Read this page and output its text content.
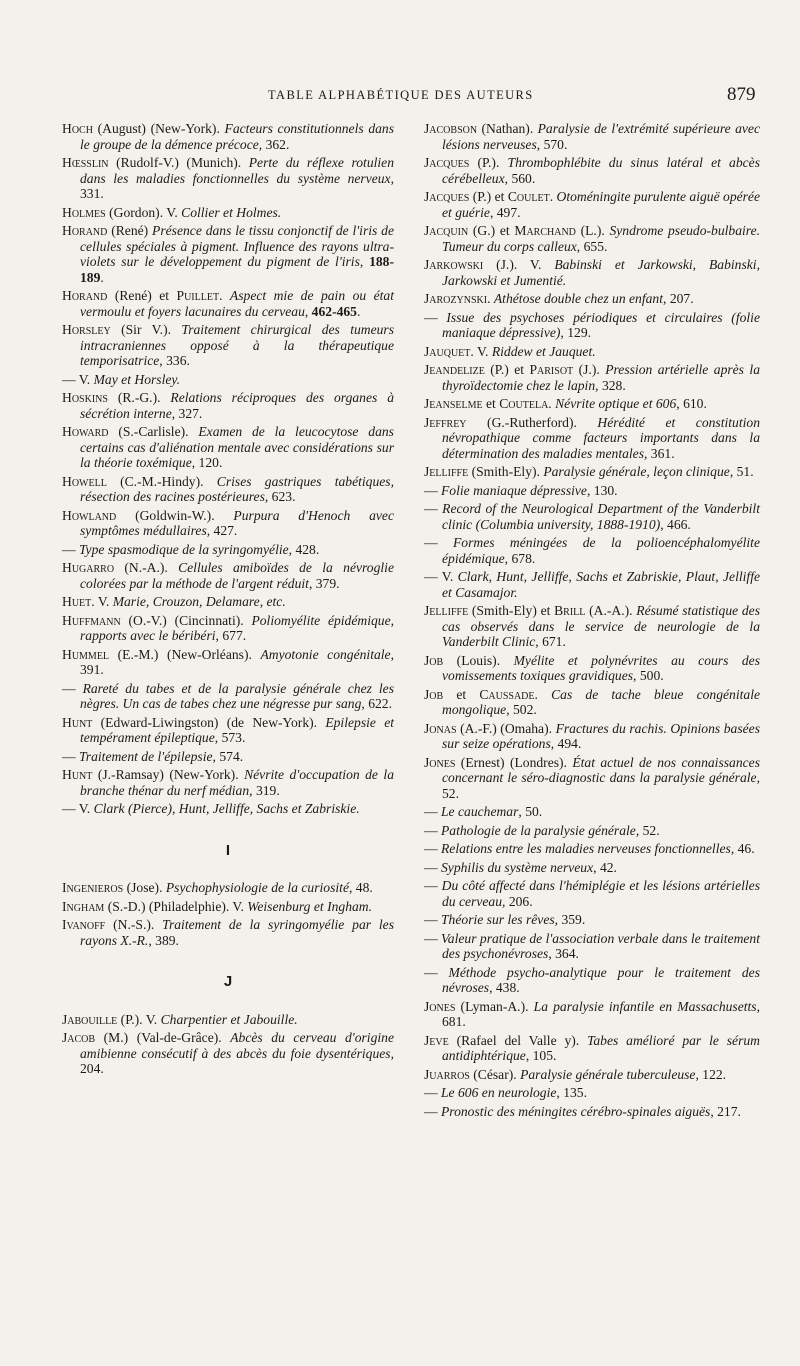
TABLE ALPHABÉTIQUE DES AUTEURS	879
Hoch (August) (New-York). Facteurs constitutionnels dans le groupe de la démence précoce, 362.
Hœsslin (Rudolf-V.) (Munich). Perte du réflexe rotulien dans les maladies fonctionnelles du système nerveux, 331.
Holmes (Gordon). V. Collier et Holmes.
Horand (René) Présence dans le tissu conjonctif de l'iris de cellules spéciales à pigment. Influence des rayons ultra-violets sur le développement du pigment de l'iris, 188-189.
Horand (René) et Puillet. Aspect mie de pain ou état vermoulu et foyers lacunaires du cerveau, 462-465.
Horsley (Sir V.). Traitement chirurgical des tumeurs intracraniennes opposé à la thérapeutique temporisatrice, 336.
— V. May et Horsley.
Hoskins (R.-G.). Relations réciproques des organes à sécrétion interne, 327.
Howard (S.-Carlisle). Examen de la leucocytose dans certains cas d'aliénation mentale avec considérations sur la théorie toxémique, 120.
Howell (C.-M.-Hindy). Crises gastriques tabétiques, résection des racines postérieures, 623.
Howland (Goldwin-W.). Purpura d'Henoch avec symptômes médullaires, 427.
— Type spasmodique de la syringomyélie, 428.
Hugarro (N.-A.). Cellules amiboïdes de la névroglie colorées par la méthode de l'argent réduit, 379.
Huet. V. Marie, Crouzon, Delamare, etc.
Huffmann (O.-V.) (Cincinnati). Poliomyélite épidémique, rapports avec le béribéri, 677.
Hummel (E.-M.) (New-Orléans). Amyotonie congénitale, 391.
— Rareté du tabes et de la paralysie générale chez les nègres. Un cas de tabes chez une négresse pur sang, 622.
Hunt (Edward-Liwingston) (de New-York). Epilepsie et tempérament épileptique, 573.
— Traitement de l'épilepsie, 574.
Hunt (J.-Ramsay) (New-York). Névrite d'occupation de la branche thénar du nerf médian, 319.
— V. Clark (Pierce), Hunt, Jelliffe, Sachs et Zabriskie.
I
Ingenieros (Jose). Psychophysiologie de la curiosité, 48.
Ingham (S.-D.) (Philadelphie). V. Weisenburg et Ingham.
Ivanoff (N.-S.). Traitement de la syringomyélie par les rayons X.-R., 389.
J
Jabouille (P.). V. Charpentier et Jabouille.
Jacob (M.) (Val-de-Grâce). Abcès du cerveau d'origine amibienne consécutif à des abcès du foie dysentériques, 204.
Jacobson (Nathan). Paralysie de l'extrémité supérieure avec lésions nerveuses, 570.
Jacques (P.). Thrombophlébite du sinus latéral et abcès cérébelleux, 560.
Jacques (P.) et Coulet. Otoméningite purulente aiguë opérée et guérie, 497.
Jacquin (G.) et Marchand (L.). Syndrome pseudo-bulbaire. Tumeur du corps calleux, 655.
Jarkowski (J.). V. Babinski et Jarkowski, Babinski, Jarkowski et Jumentié.
Jarozynski. Athétose double chez un enfant, 207.
— Issue des psychoses périodiques et circulaires (folie maniaque dépressive), 129.
Jauquet. V. Riddew et Jauquet.
Jeandelize (P.) et Parisot (J.). Pression artérielle après la thyroïdectomie chez le lapin, 328.
Jeanselme et Coutela. Névrite optique et 606, 610.
Jeffrey (G.-Rutherford). Hérédité et constitution névropathique comme facteurs importants dans la détermination des maladies mentales, 361.
Jelliffe (Smith-Ely). Paralysie générale, leçon clinique, 51.
— Folie maniaque dépressive, 130.
— Record of the Neurological Department of the Vanderbilt clinic (Columbia university, 1888-1910), 466.
— Formes méningées de la polioencéphalomyélite épidémique, 678.
— V. Clark, Hunt, Jelliffe, Sachs et Zabriskie, Plaut, Jelliffe et Casamajor.
Jelliffe (Smith-Ely) et Brill (A.-A.). Résumé statistique des cas observés dans le service de neurologie de la Vanderbilt Clinic, 671.
Job (Louis). Myélite et polynévrites au cours des vomissements toxiques gravidiques, 500.
Job et Caussade. Cas de tache bleue congénitale mongolique, 502.
Jonas (A.-F.) (Omaha). Fractures du rachis. Opinions basées sur seize opérations, 494.
Jones (Ernest) (Londres). État actuel de nos connaissances concernant le séro-diagnostic dans la paralysie générale, 52.
— Le cauchemar, 50.
— Pathologie de la paralysie générale, 52.
— Relations entre les maladies nerveuses fonctionnelles, 46.
— Syphilis du système nerveux, 42.
— Du côté affecté dans l'hémiplégie et les lésions artérielles du cerveau, 206.
— Théorie sur les rêves, 359.
— Valeur pratique de l'association verbale dans le traitement des psychonévroses, 364.
— Méthode psycho-analytique pour le traitement des névroses, 438.
Jones (Lyman-A.). La paralysie infantile en Massachusetts, 681.
Jeve (Rafael del Valle y). Tabes amélioré par le sérum antidiphtérique, 105.
Juarros (César). Paralysie générale tuberculeuse, 122.
— Le 606 en neurologie, 135.
— Pronostic des méningites cérébro-spinales aiguës, 217.
